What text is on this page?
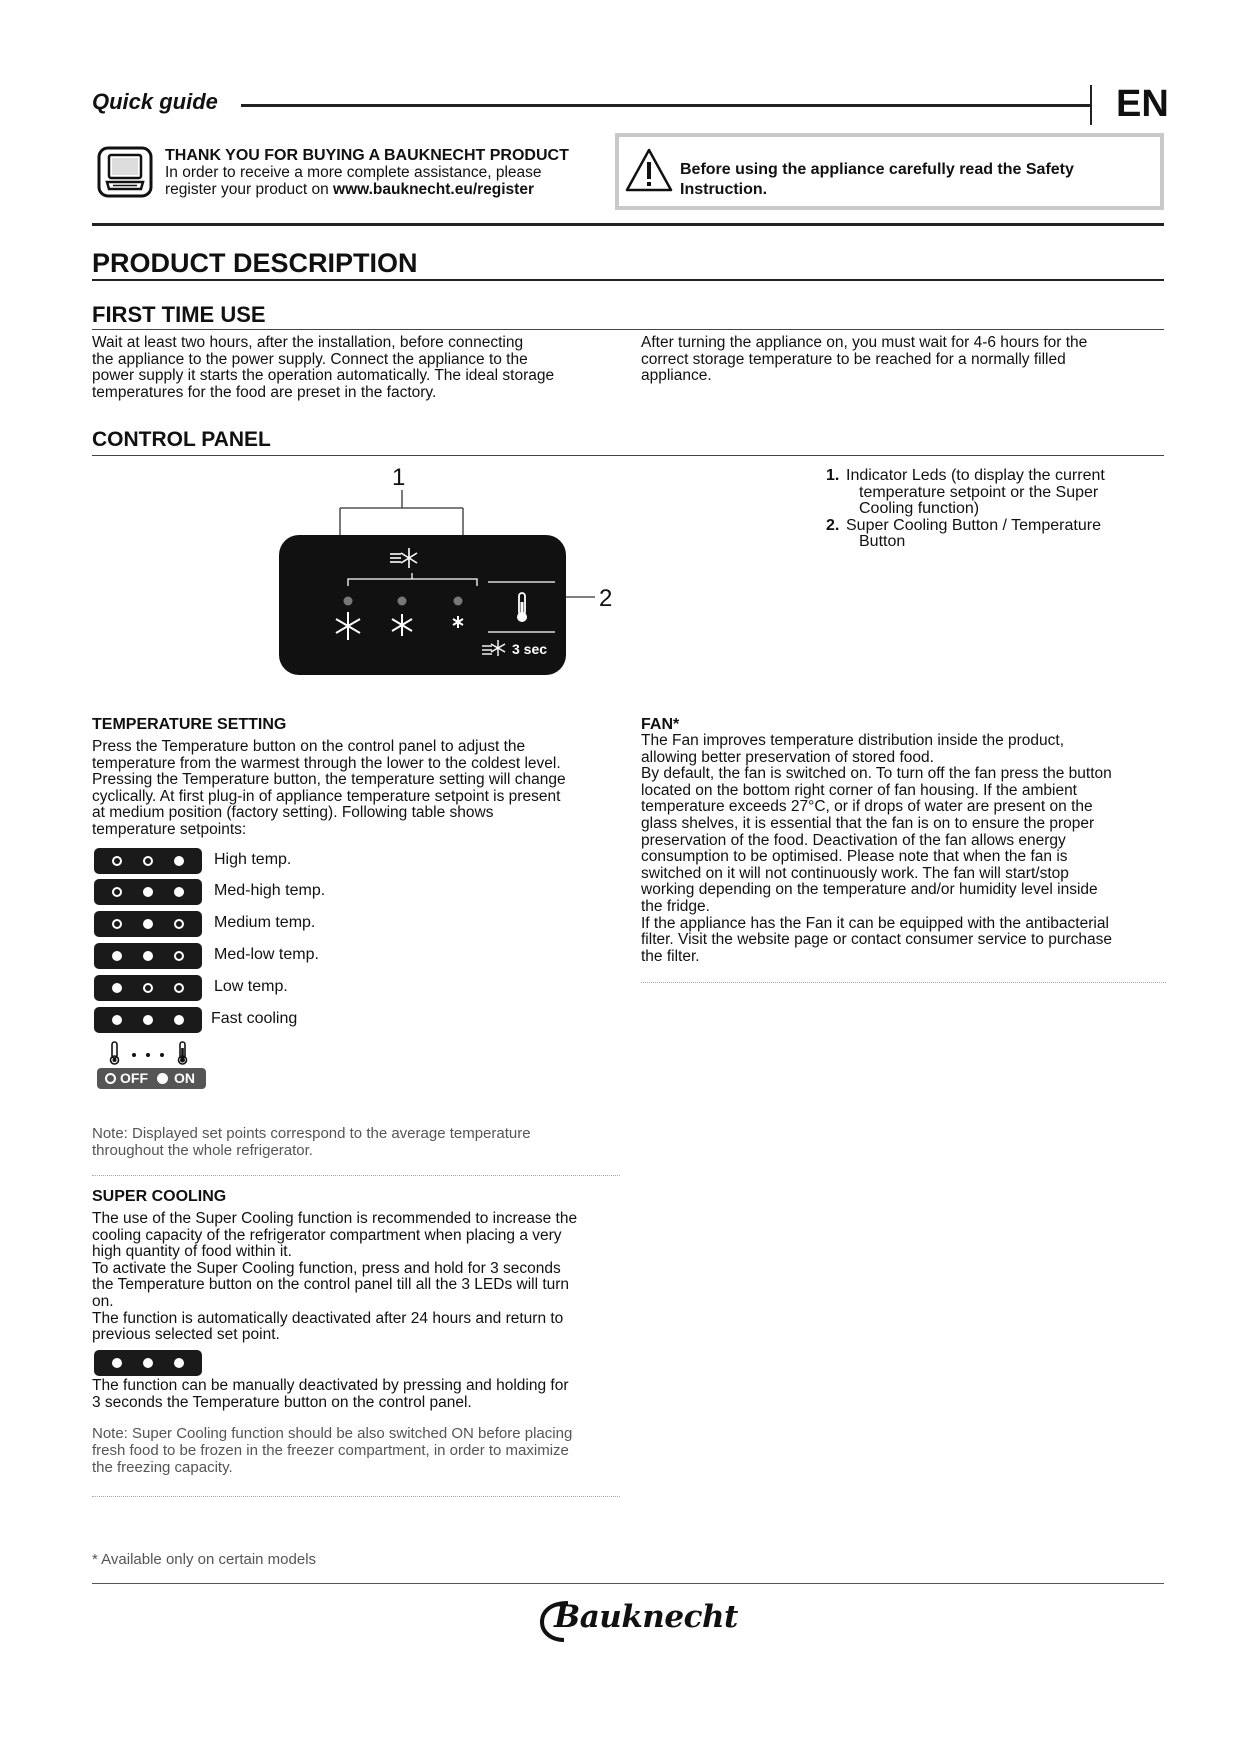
Quick guide	EN
THANK YOU FOR BUYING A BAUKNECHT PRODUCT
In order to receive a more complete assistance, please
register your product on www.bauknecht.eu/register
Before using the appliance carefully read the Safety
Instruction.
PRODUCT DESCRIPTION
FIRST TIME USE
Wait at least two hours, after the installation, before connecting
the appliance to the power supply. Connect the appliance to the
power supply it starts the operation automatically. The ideal storage
temperatures for the food are preset in the factory.
After turning the appliance on, you must wait for 4-6 hours for the
correct storage temperature to be reached for a normally filled
appliance.
CONTROL PANEL
1
3 sec
2
1. Indicator Leds (to display the current

temperature setpoint or the Super
Cooling function)
2. Super Cooling Button / Temperature

Button
TEMPERATURE SETTING
Press the Temperature button on the control panel to adjust the
temperature from the warmest through the lower to the coldest level.
Pressing the Temperature button, the temperature setting will change
cyclically. At first plug-in of appliance temperature setpoint is present
at medium position (factory setting). Following table shows
temperature setpoints:
High temp.
Med-high temp.
Medium temp.
Med-low temp.
Low temp.
Fast cooling
OFF ON
Note: Displayed set points correspond to the average temperature
throughout the whole refrigerator.
SUPER COOLING
The use of the Super Cooling function is recommended to increase the
cooling capacity of the refrigerator compartment when placing a very
high quantity of food within it.
To activate the Super Cooling function, press and hold for 3 seconds
the Temperature button on the control panel till all the 3 LEDs will turn
on.
The function is automatically deactivated after 24 hours and return to
previous selected set point.
The function can be manually deactivated by pressing and holding for
3 seconds the Temperature button on the control panel.
Note: Super Cooling function should be also switched ON before placing
fresh food to be frozen in the freezer compartment, in order to maximize
the freezing capacity.
FAN*
The Fan improves temperature distribution inside the product,
allowing better preservation of stored food.
By default, the fan is switched on. To turn off the fan press the button
located on the bottom right corner of fan housing. If the ambient
temperature exceeds 27°C, or if drops of water are present on the
glass shelves, it is essential that the fan is on to ensure the proper
preservation of the food. Deactivation of the fan allows energy
consumption to be optimised. Please note that when the fan is
switched on it will not continuously work. The fan will start/stop
working depending on the temperature and/or humidity level inside
the fridge.
If the appliance has the Fan it can be equipped with the antibacterial
filter. Visit the website page or contact consumer service to purchase
the filter.
* Available only on certain models
Bauknecht
